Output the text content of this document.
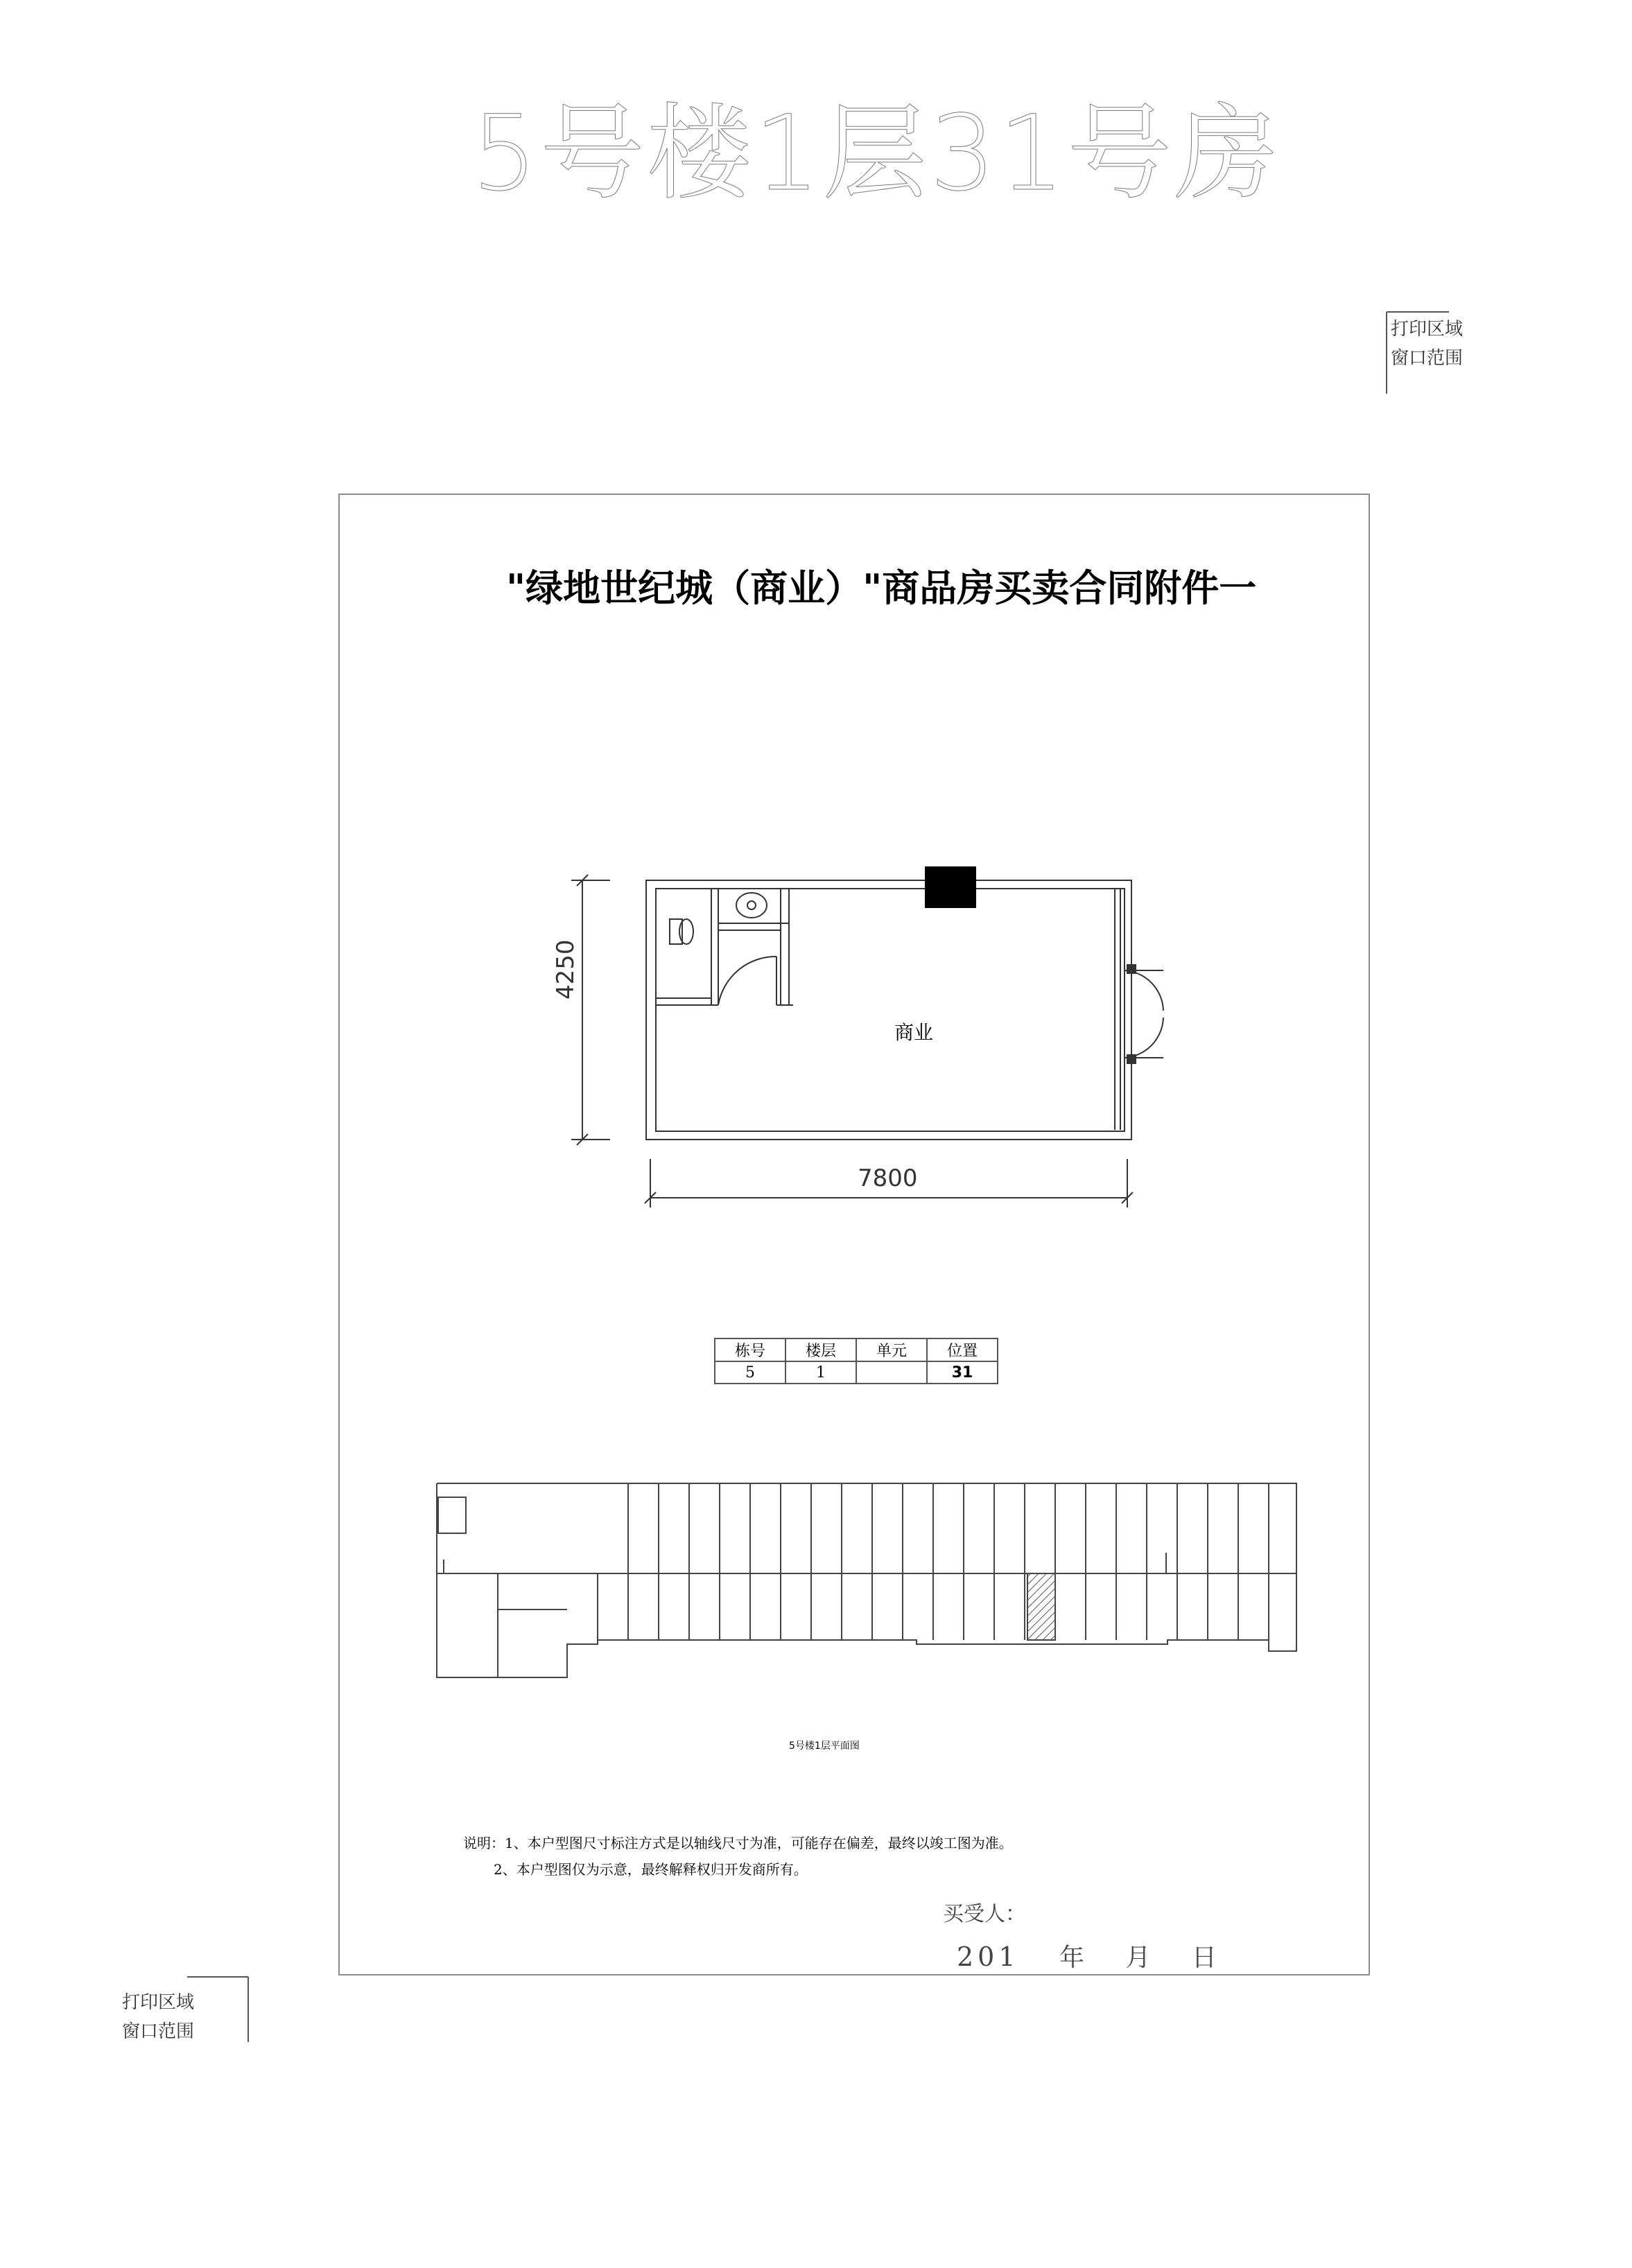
5号楼1层31号房
打印区域
窗口范围
打印区域
窗口范围
"绿地世纪城（商业）"商品房买卖合同附件一
商业
7800
4250
栋号	楼层	单元	位置
5	1		31
5号楼1层平面图
说明：1、本户型图尺寸标注方式是以轴线尺寸为准，可能存在偏差，最终以竣工图为准。
2、本户型图仅为示意，最终解释权归开发商所有。
买受人：
201 年 月 日
